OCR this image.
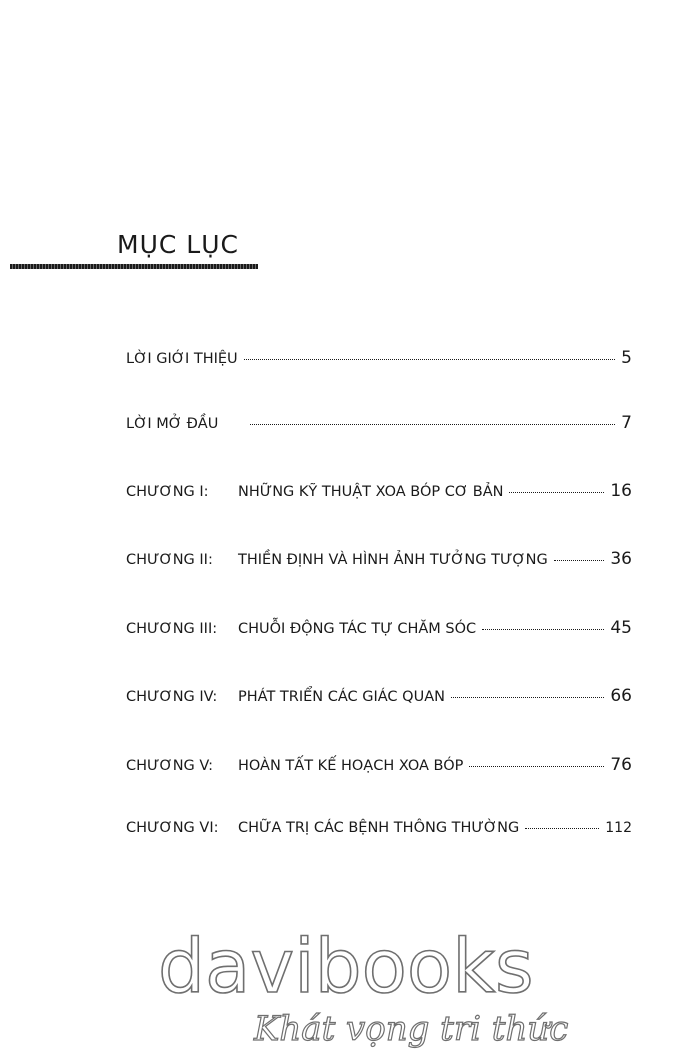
MỤC LỤC
LỜI GIỚI THIỆU	5
LỜI MỞ ĐẦU	7
CHƯƠNG I:	NHỮNG KỸ THUẬT XOA BÓP CƠ BẢN	16
CHƯƠNG II:	THIỀN ĐỊNH VÀ HÌNH ẢNH TƯỞNG TƯỢNG	36
CHƯƠNG III:	CHUỖI ĐỘNG TÁC TỰ CHĂM SÓC	45
CHƯƠNG IV:	PHÁT TRIỂN CÁC GIÁC QUAN	66
CHƯƠNG V:	HOÀN TẤT KẾ HOẠCH XOA BÓP	76
CHƯƠNG VI:	CHỮA TRỊ CÁC BỆNH THÔNG THƯỜNG	112
davibooks
Khát vọng tri thức
